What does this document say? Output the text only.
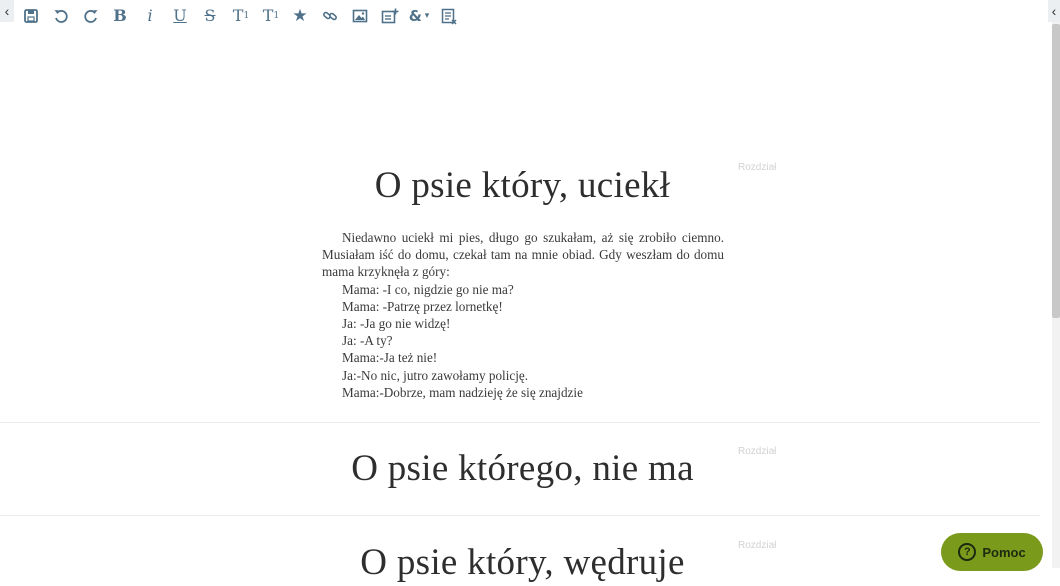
‹	B	i	U S T 1 T 1 ★	& ▾	‹
Rozdział
O psie który, uciekł

Niedawno uciekł mi pies, długo go szukałam, aż się zrobiło ciemno. Musiałam iść do domu, czekał tam na mnie obiad. Gdy weszłam do domu mama krzyknęła z góry:

Mama: -I co, nigdzie go nie ma?

Mama: -Patrzę przez lornetkę!

Ja: -Ja go nie widzę!

Ja: -A ty?

Mama:-Ja też nie!

Ja:-No nic, jutro zawołamy policję.

Mama:-Dobrze, mam nadzieję że się znajdzie

Rozdział
O psie którego, nie ma
Rozdział
O psie który, wędruje	? Pomoc
